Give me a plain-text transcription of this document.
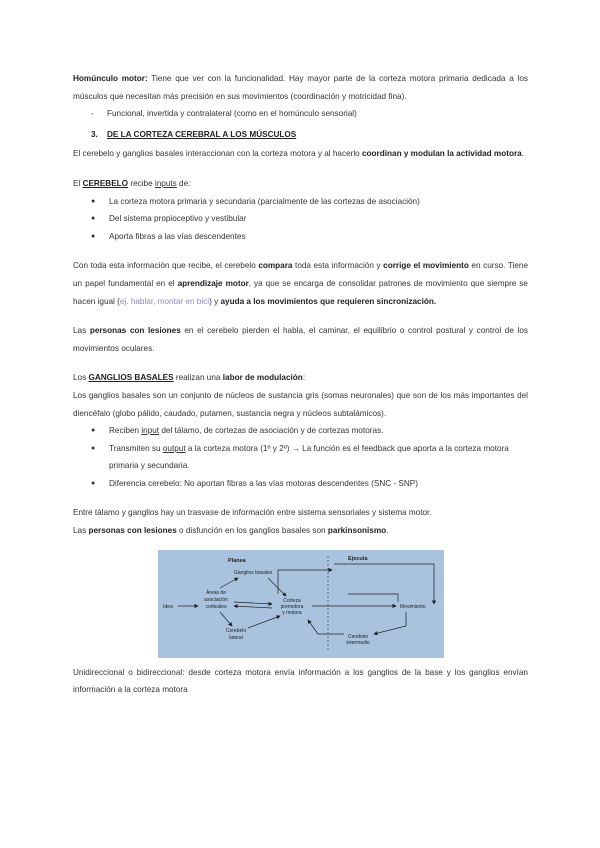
Homúnculo motor: Tiene que ver con la funcionalidad. Hay mayor parte de la corteza motora primaria dedicada a los músculos que necesitan más precisión en sus movimientos (coordinación y motricidad fina).

- Funcional, invertida y contralateral (como en el homúnculo sensorial)

3. DE LA CORTEZA CEREBRAL A LOS MÚSCULOS

El cerebelo y ganglios basales interaccionan con la corteza motora y al hacerlo coordinan y modulan la actividad motora.

El CEREBELO recibe inputs de:

● La corteza motora primaria y secundaria (parcialmente de las cortezas de asociación)
● Del sistema propioceptivo y vestibular
● Aporta fibras a las vías descendentes

Con toda esta información que recibe, el cerebelo compara toda esta información y corrige el movimiento en curso. Tiene un papel fundamental en el aprendizaje motor, ya que se encarga de consolidar patrones de movimiento que siempre se hacen igual (ej. hablar, montar en bici) y ayuda a los movimientos que requieren sincronización.

Las personas con lesiones en el cerebelo pierden el habla, el caminar, el equilibrio o control postural y control de los movimientos oculares.

Los GANGLIOS BASALES realizan una labor de modulación:

Los ganglios basales son un conjunto de núcleos de sustancia gris (somas neuronales) que son de los más importantes del diencéfalo (globo pálido, caudado, putamen, sustancia negra y núcleos subtalámicos).

● Reciben input del tálamo, de cortezas de asociación y de cortezas motoras.
● Transmiten su output a la corteza motora (1º y 2º) → La función es el feedback que aporta a la corteza motora primaria y secundaria.
● Diferencia cerebelo: No aportan fibras a las vías motoras descendentes (SNC - SNP)

Entre tálamo y ganglios hay un trasvase de información entre sistema sensoriales y sistema motor.

Las personas con lesiones o disfunción en los ganglios basales son parkinsonismo.

Planea	Ejecuta
Ganglios basales
Idea
Áreas de
asociación
corticales
Corteza
premotora
y motora
Cerebelo
lateral	Cerebelo
intermedio
Movimiento

Unidireccional o bidireccional: desde corteza motora envía información a los ganglios de la base y los ganglios envían información a la corteza motora
